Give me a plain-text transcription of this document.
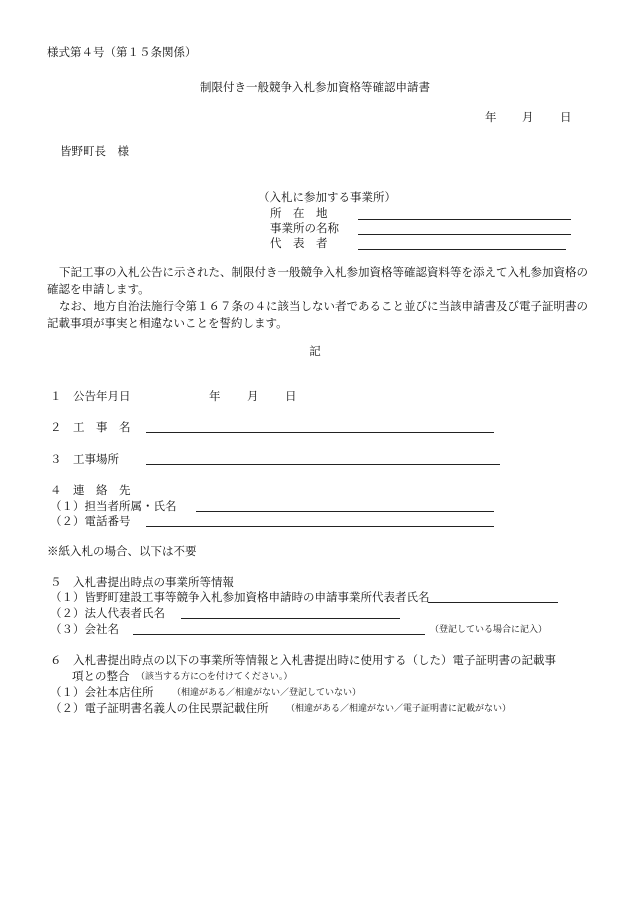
様式第４号（第１５条関係）
制限付き一般競争入札参加資格等確認申請書
年 月 日
皆野町長　様
（入札に参加する事業所）
所　在　地
事業所の名称
代　表　者
下記工事の入札公告に示された、制限付き一般競争入札参加資格等確認資料等を添えて入札参加資格の確認を申請します。
なお、地方自治法施行令第１６７条の４に該当しない者であること並びに当該申請書及び電子証明書の記載事項が事実と相違ないことを誓約します。
記
１　公告年月日	年 月 日
２　工　事　名
３　工事場所
４　連　絡　先
（１）担当者所属・氏名
（２）電話番号
※紙入札の場合、以下は不要
５　入札書提出時点の事業所等情報
（１）皆野町建設工事等競争入札参加資格申請時の申請事業所代表者氏名
（２）法人代表者氏名
（３）会社名	（登記している場合に記入）
６　入札書提出時点の以下の事業所等情報と入札書提出時に使用する（した）電子証明書の記載事
項との整合 （該当する方に○を付けてください。）
（１）会社本店住所 （相違がある／相違がない／登記していない）
（２）電子証明書名義人の住民票記載住所 （相違がある／相違がない／電子証明書に記載がない）
